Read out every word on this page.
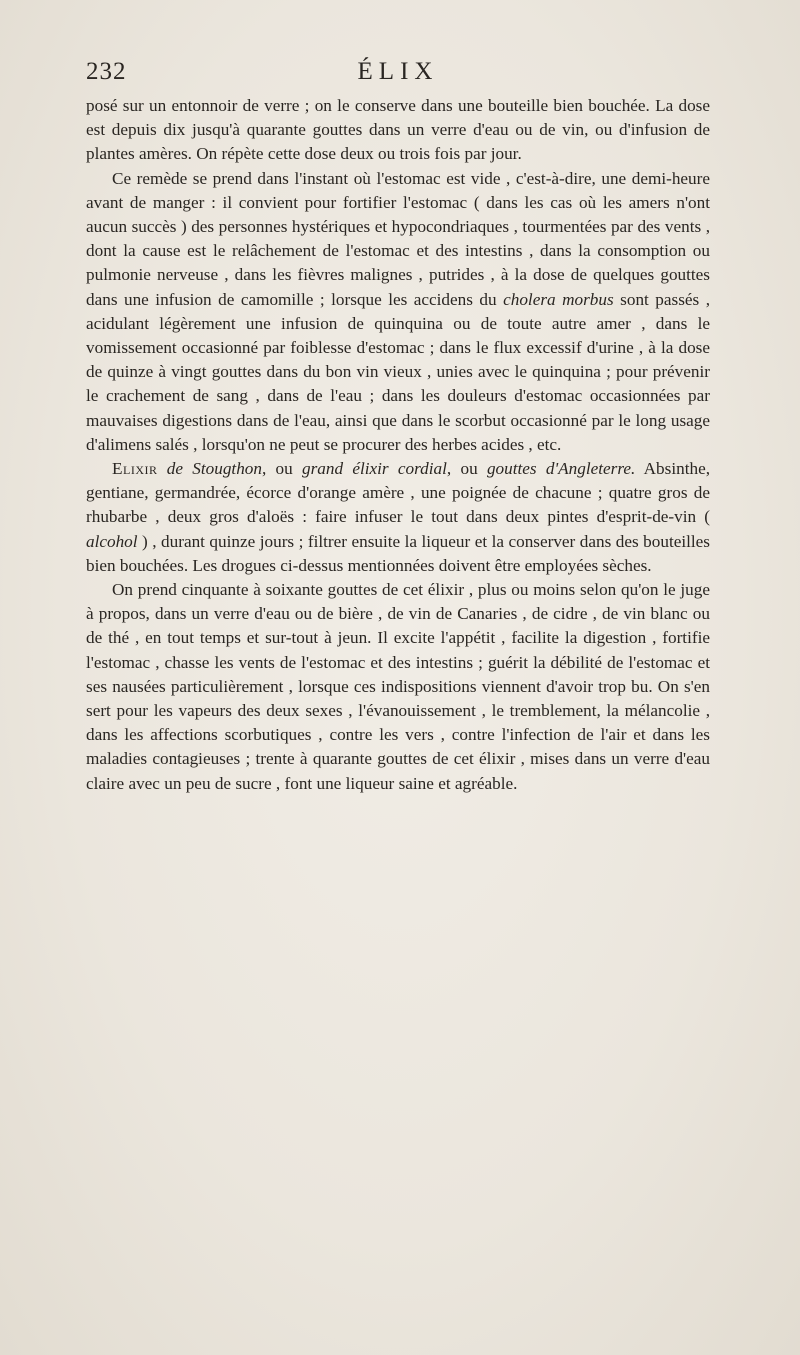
232	ÉLIX

posé sur un entonnoir de verre ; on le conserve dans une bouteille bien bouchée. La dose est depuis dix jusqu'à quarante gouttes dans un verre d'eau ou de vin, ou d'infusion de plantes amères. On répète cette dose deux ou trois fois par jour.

Ce remède se prend dans l'instant où l'estomac est vide , c'est-à-dire, une demi-heure avant de manger : il convient pour fortifier l'estomac ( dans les cas où les amers n'ont aucun succès ) des personnes hystériques et hypocondriaques , tourmentées par des vents , dont la cause est le relâchement de l'estomac et des intestins , dans la consomption ou pulmonie nerveuse , dans les fièvres malignes , putrides , à la dose de quelques gouttes dans une infusion de camomille ; lorsque les accidens du cholera morbus sont passés , acidulant légèrement une infusion de quinquina ou de toute autre amer , dans le vomissement occasionné par foiblesse d'estomac ; dans le flux excessif d'urine , à la dose de quinze à vingt gouttes dans du bon vin vieux , unies avec le quinquina ; pour prévenir le crachement de sang , dans de l'eau ; dans les douleurs d'estomac occasionnées par mauvaises digestions dans de l'eau, ainsi que dans le scorbut occasionné par le long usage d'alimens salés , lorsqu'on ne peut se procurer des herbes acides , etc.

Elixir de Stougthon, ou grand élixir cordial, ou gouttes d'Angleterre. Absinthe, gentiane, germandrée, écorce d'orange amère , une poignée de chacune ; quatre gros de rhubarbe , deux gros d'aloës : faire infuser le tout dans deux pintes d'esprit-de-vin ( alcohol ) , durant quinze jours ; filtrer ensuite la liqueur et la conserver dans des bouteilles bien bouchées. Les drogues ci-dessus mentionnées doivent être employées sèches.

On prend cinquante à soixante gouttes de cet élixir , plus ou moins selon qu'on le juge à propos, dans un verre d'eau ou de bière , de vin de Canaries , de cidre , de vin blanc ou de thé , en tout temps et sur-tout à jeun. Il excite l'appétit , facilite la digestion , fortifie l'estomac , chasse les vents de l'estomac et des intestins ; guérit la débilité de l'estomac et ses nausées particulièrement , lorsque ces indispositions viennent d'avoir trop bu. On s'en sert pour les vapeurs des deux sexes , l'évanouissement , le tremblement, la mélancolie , dans les affections scorbutiques , contre les vers , contre l'infection de l'air et dans les maladies contagieuses ; trente à quarante gouttes de cet élixir , mises dans un verre d'eau claire avec un peu de sucre , font une liqueur saine et agréable.
